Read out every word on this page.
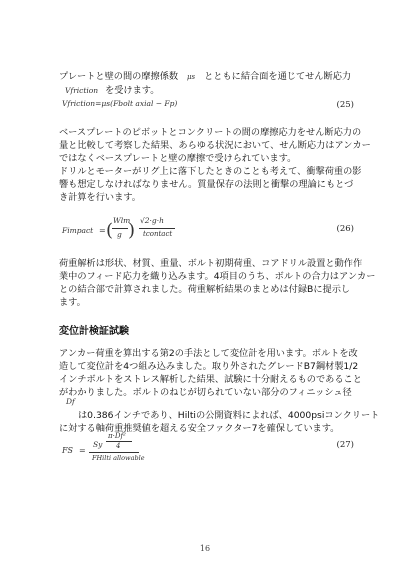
プレートと壁の間の摩擦係数 μs とともに結合面を通じてせん断応力
Vfriction を受けます。
Vfriction=μs(Fbolt axial − Fp)	(25)
ベースプレートのピボットとコンクリートの間の摩擦応力をせん断応力の
量と比較して考察した結果、あらゆる状況において、せん断応力はアンカー
ではなくベースプレートと壁の摩擦で受けられています。
ドリルとモーターがリグ上に落下したときのことも考えて、衝撃荷重の影
響も想定しなければなりません。質量保存の法則と衝撃の理論にもとづ
き計算を行います。
Fimpact = ( Wlm
g ) √2·g·h
tcontact	(26)
荷重解析は形状、材質、重量、ボルト初期荷重、コアドリル設置と動作作
業中のフィード応力を織り込みます。4項目のうち、ボルトの合力はアンカー
との結合部で計算されました。荷重解析結果のまとめは付録Bに提示し
ます。
変位計検証試験
アンカー荷重を算出する第2の手法として変位計を用います。ボルトを改
造して変位計を4つ組み込みました。取り外されたグレードB7鋼材製1/2
インチボルトをストレス解析した結果、試験に十分耐えるものであること
がわかりました。ボルトのねじが切られていない部分のフィニッシュ径
Df
は0.386インチであり、Hiltiの公開資料によれば、4000psiコンクリート
に対する軸荷重推奨値を超える安全ファクター7を確保しています。
FS =
Sy
π·Df²
4
FHilti allowable
(27)
16
